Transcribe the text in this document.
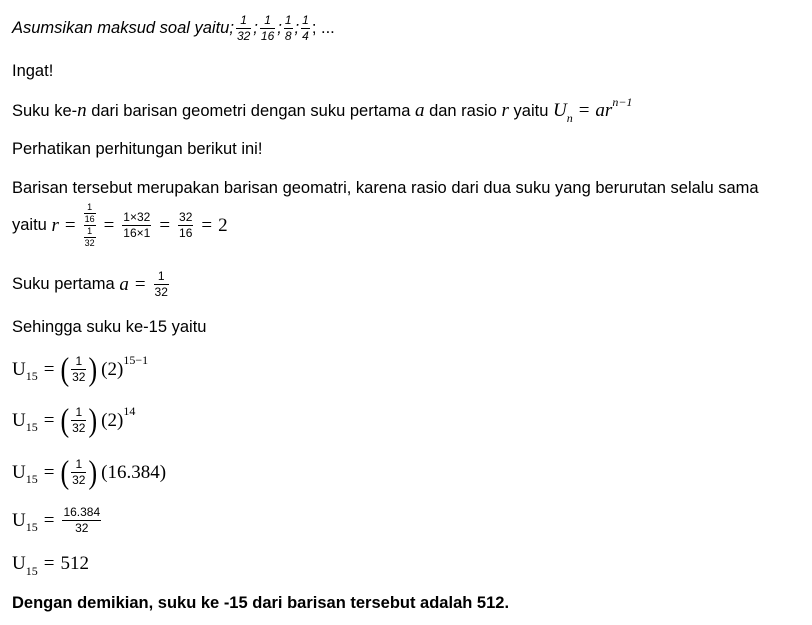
Asumsikan maksud soal yaitu; $\frac{1}{32}$ ; $\frac{1}{16}$ ; $\frac{1}{8}$ ; $\frac{1}{4}$ ; ...
Ingat!
Suku ke- n dari barisan geometri dengan suku pertama a dan rasio r yaitu U n = ar n−1
Perhatikan perhitungan berikut ini!
Barisan tersebut merupakan barisan geomatri, karena rasio dari dua suku yang berurutan selalu sama
yaitu $r = \frac{\frac{1}{16}}{\frac{1}{32}} = \frac{1\times 32}{16\times 1} = \frac{32}{16} = 2$
Suku pertama $a = \frac{1}{32}$
Sehingga suku ke-15 yaitu
U 15 = ( $\frac{1}{32}$ ) (2) 15−1
U 15 = ( $\frac{1}{32}$ ) (2) 14
U 15 = ( $\frac{1}{32}$ ) (16.384)
U $15 = \frac{16.384}{32}$
U 15 = 512
Dengan demikian, suku ke -15 dari barisan tersebut adalah 512.
